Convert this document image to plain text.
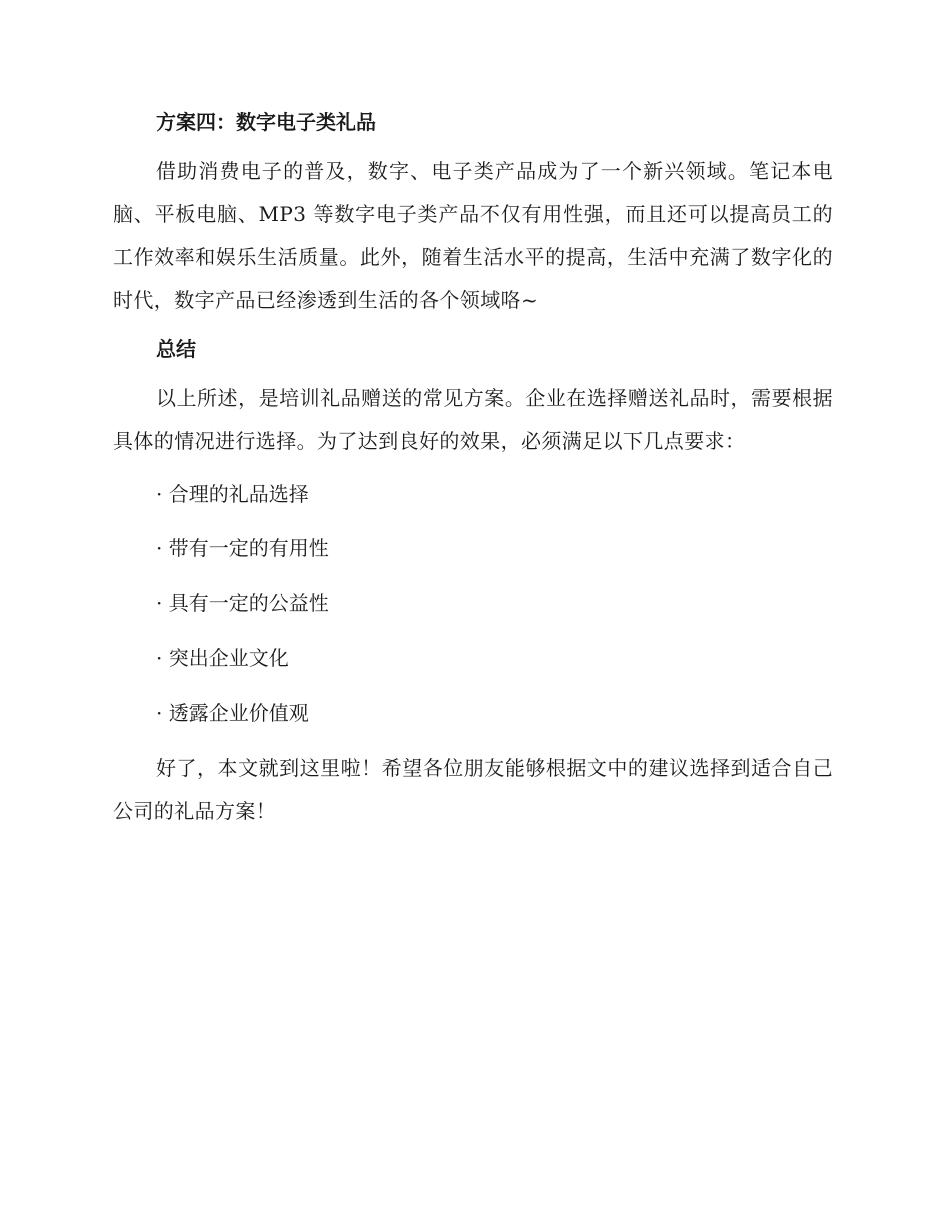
方案四：数字电子类礼品

借助消费电子的普及，数字、电子类产品成为了一个新兴领域。笔记本电脑、平板电脑、MP3 等数字电子类产品不仅有用性强，而且还可以提高员工的工作效率和娱乐生活质量。此外，随着生活水平的提高，生活中充满了数字化的时代，数字产品已经渗透到生活的各个领域咯~

总结

以上所述，是培训礼品赠送的常见方案。企业在选择赠送礼品时，需要根据具体的情况进行选择。为了达到良好的效果，必须满足以下几点要求：

· 合理的礼品选择

· 带有一定的有用性

· 具有一定的公益性

· 突出企业文化

· 透露企业价值观

好了，本文就到这里啦！希望各位朋友能够根据文中的建议选择到适合自己公司的礼品方案！
